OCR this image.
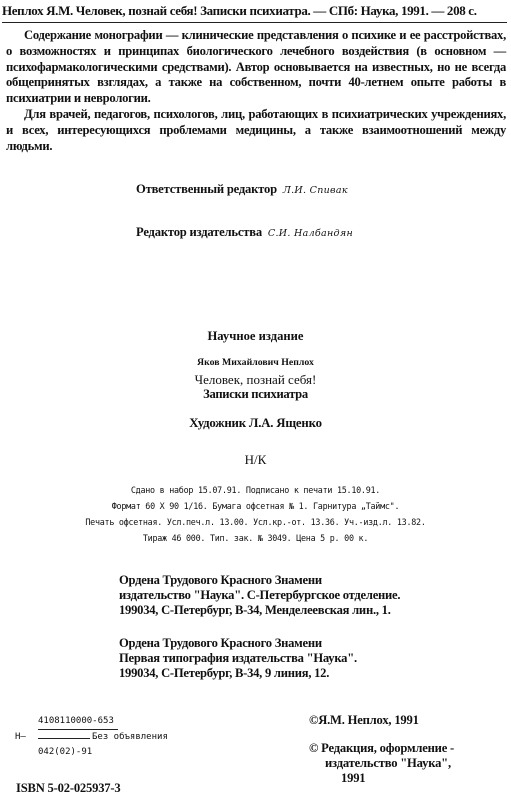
Неплох Я.М. Человек, познай себя! Записки психиатра. — СПб: Наука, 1991. — 208 с.

Содержание монографии — клинические представления о психике и ее расстройствах, о возможностях и принципах биологического лечебного воздействия (в основном — психофармакологическими средствами). Автор основывается на известных, но не всегда общепринятых взглядах, а также на собственном, почти 40-летнем опыте работы в психиатрии и неврологии.

Для врачей, педагогов, психологов, лиц, работающих в психиатрических учреждениях, и всех, интересующихся проблемами медицины, а также взаимоотношений между людьми.

Ответственный редактор Л.И. Спивак
Редактор издательства С.И. Налбандян
Научное издание
Яков Михайлович Неплох
Человек, познай себя!
Записки психиатра
Художник Л.А. Ященко
Н/К
Сдано в набор 15.07.91. Подписано к печати 15.10.91.
Формат 60 X 90 1/16. Бумага офсетная № 1. Гарнитура „Таймс".
Печать офсетная. Усл.печ.л. 13.00. Усл.кр.-от. 13.36. Уч.-изд.л. 13.82.
Тираж 46 000. Тип. зак. № 3049. Цена 5 р. 00 к.
Ордена Трудового Красного Знамени
издательство "Наука". С-Петербургское отделение.
199034, С-Петербург, В-34, Менделеевская лин., 1.
Ордена Трудового Красного Знамени
Первая типография издательства "Наука".
199034, С-Петербург, В-34, 9 линия, 12.
4108110000-653
Н—	Без объявления
042(02)-91
©Я.М. Неплох, 1991
© Редакция, оформление -
издательство "Наука",
1991
ISBN 5-02-025937-3
